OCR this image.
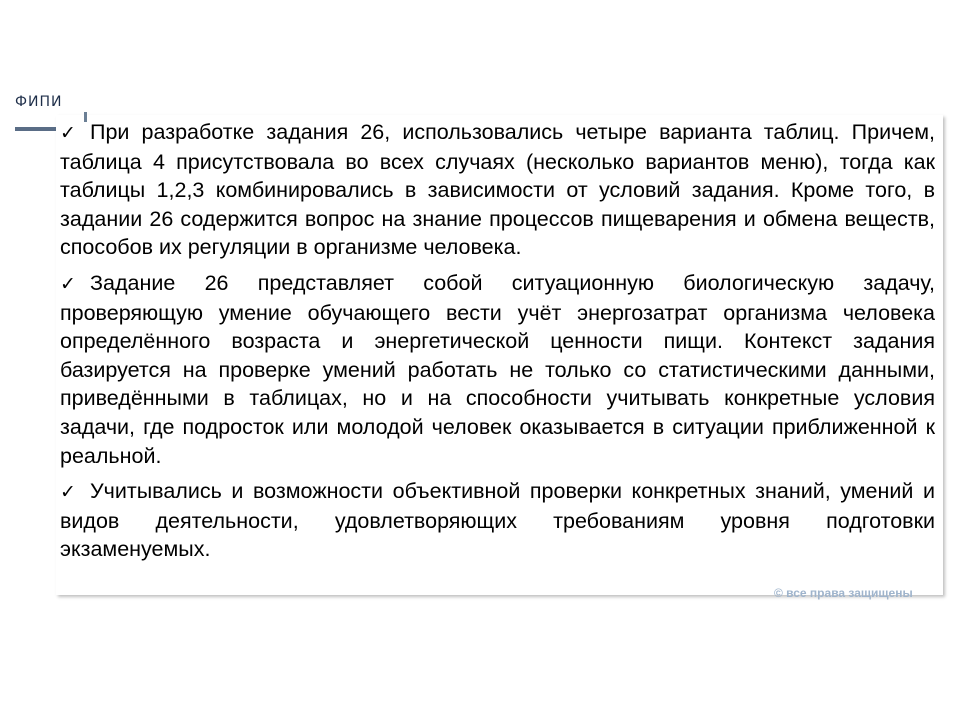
ФИПИ

✓ При разработке задания 26, использовались четыре варианта таблиц. Причем, таблица 4 присутствовала во всех случаях (несколько вариантов меню), тогда как таблицы 1,2,3 комбинировались в зависимости от условий задания. Кроме того, в задании 26 содержится вопрос на знание процессов пищеварения и обмена веществ, способов их регуляции в организме человека.

✓ Задание 26 представляет собой ситуационную биологическую задачу, проверяющую умение обучающего вести учёт энергозатрат организма человека определённого возраста и энергетической ценности пищи. Контекст задания базируется на проверке умений работать не только со статистическими данными, приведёнными в таблицах, но и на способности учитывать конкретные условия задачи, где подросток или молодой человек оказывается в ситуации приближенной к реальной.

✓ Учитывались и возможности объективной проверки конкретных знаний, умений и видов деятельности, удовлетворяющих требованиям уровня подготовки экзаменуемых.

© все права защищены
